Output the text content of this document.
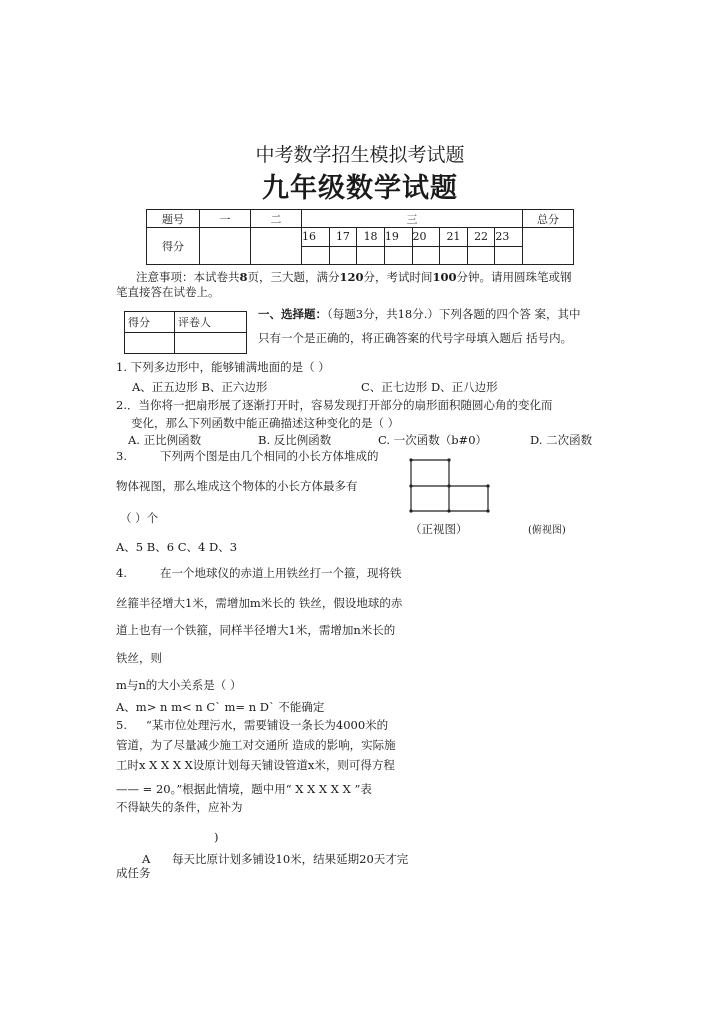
中考数学招生模拟考试题
九年级数学试题
题号	一	二	三								总分
得分			16	17	18	19	20	21	22	23	

注意事项：本试卷共8页，三大题，满分120分，考试时间100分钟。请用圆珠笔或钢
笔直接答在试卷上。
得分	评卷人

一、选择题：（每题3分，共18分.）下列各题的四个答 案，其中
只有一个是正确的，将正确答案的代号字母填入题后 括号内。
1. 下列多边形中，能够铺满地面的是（ ）
A、正五边形 B、正六边形	C、正七边形 D、正八边形
2.．当你将一把扇形展了逐渐打开时，容易发现打开部分的扇形面积随圆心角的变化而
变化，那么下列函数中能正确描述这种变化的是（ ）
A. 正比例函数	B. 反比例函数	C. 一次函数（b#0）	D. 二次函数
3.	下列两个图是由几个相同的小长方体堆成的
物体视图，那么堆成这个物体的小长方体最多有
（ ）个
A、5 B、6 C、4 D、3
（正视图）	(俯视图)
4.	在一个地球仪的赤道上用铁丝打一个箍，现将铁
丝箍半径增大1米，需增加m米长的 铁丝，假设地球的赤
道上也有一个铁箍，同样半径增大1米，需增加n米长的
铁丝，则
m与n的大小关系是（ ）
A、m> n m< n C` m= n D` 不能确定
5. “某市位处理污水，需要铺设一条长为4000米的
管道，为了尽量减少施工对交通所 造成的影响，实际施
工时x X X X X设原计划每天铺设管道x米，则可得方程
—— = 20。”根据此情境，题中用“ X X X X X ”表
不得缺失的条件，应补为
)
A 每天比原计划多铺设10米，结果延期20天才完
成任务
